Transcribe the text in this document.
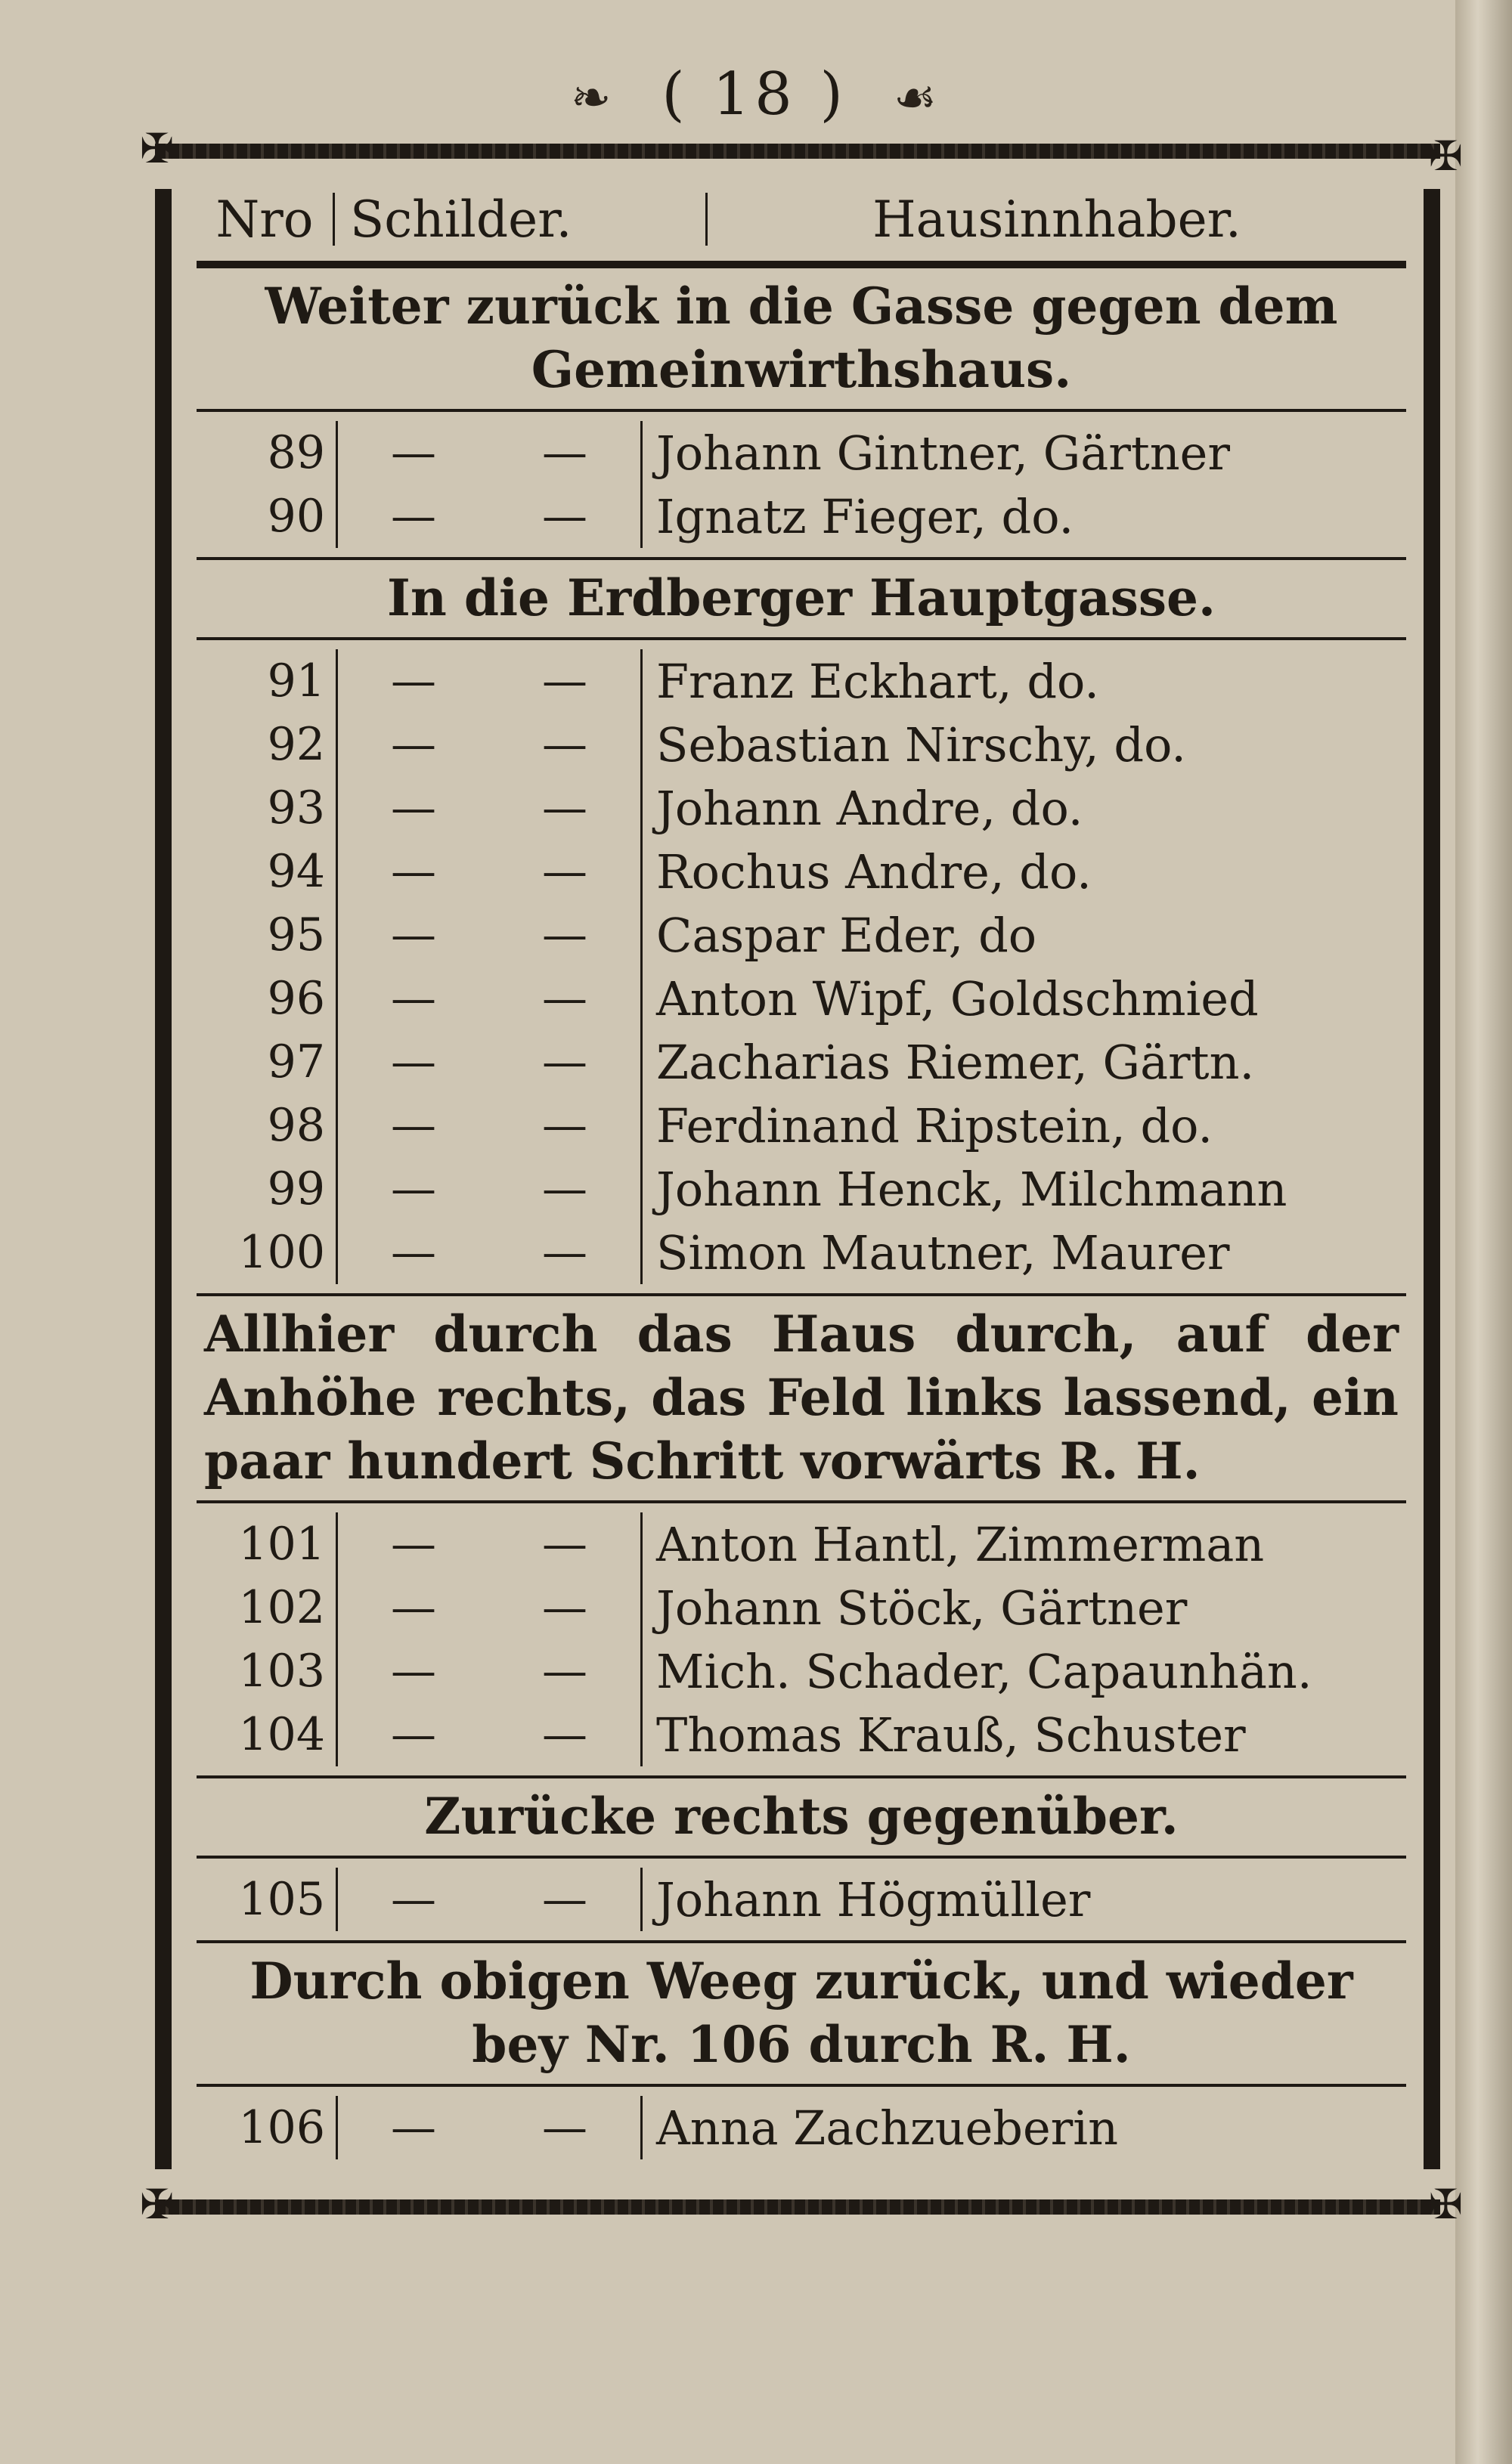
❧ ( 18 ) ☙
✠	✠
✠	✠
Nro Schilder.	Hausinnhaber.
Weiter zurück in die Gasse gegen dem Gemeinwirthshaus.
89	—	—	Johann Gintner, Gärtner
90	—	—	Ignatz Fieger, do.
In die Erdberger Hauptgasse.
91	—	—	Franz Eckhart, do.
92	—	—	Sebastian Nirschy, do.
93	—	—	Johann Andre, do.
94	—	—	Rochus Andre, do.
95	—	—	Caspar Eder, do
96	—	—	Anton Wipf, Goldschmied
97	—	—	Zacharias Riemer, Gärtn.
98	—	—	Ferdinand Ripstein, do.
99	—	—	Johann Henck, Milchmann
100	—	—	Simon Mautner, Maurer
Allhier durch das Haus durch, auf der Anhöhe rechts, das Feld links lassend, ein paar hundert Schritt vorwärts R. H.
101	—	—	Anton Hantl, Zimmerman
102	—	—	Johann Stöck, Gärtner
103	—	—	Mich. Schader, Capaunhän.
104	—	—	Thomas Krauß, Schuster
Zurücke rechts gegenüber.
105	—	—	Johann Högmüller
Durch obigen Weeg zurück, und wieder bey Nr. 106 durch R. H.
106	—	—	Anna Zachzueberin
